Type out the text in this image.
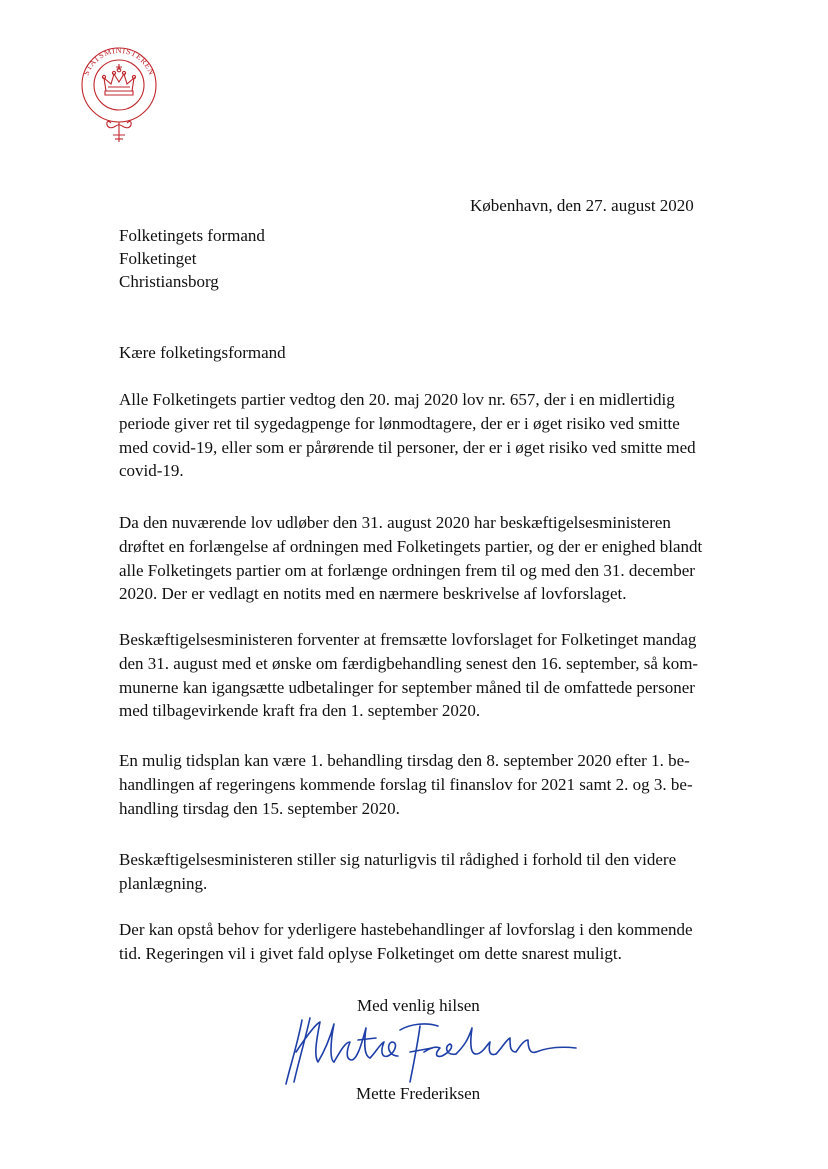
STATSMINISTEREN
København, den 27. august 2020
Folketingets formand
Folketinget
Christiansborg
Kære folketingsformand
Alle Folketingets partier vedtog den 20. maj 2020 lov nr. 657, der i en midlertidig
periode giver ret til sygedagpenge for lønmodtagere, der er i øget risiko ved smitte
med covid-19, eller som er pårørende til personer, der er i øget risiko ved smitte med
covid-19.
Da den nuværende lov udløber den 31. august 2020 har beskæftigelsesministeren
drøftet en forlængelse af ordningen med Folketingets partier, og der er enighed blandt
alle Folketingets partier om at forlænge ordningen frem til og med den 31. december
2020. Der er vedlagt en notits med en nærmere beskrivelse af lovforslaget.
Beskæftigelsesministeren forventer at fremsætte lovforslaget for Folketinget mandag
den 31. august med et ønske om færdigbehandling senest den 16. september, så kom-
munerne kan igangsætte udbetalinger for september måned til de omfattede personer
med tilbagevirkende kraft fra den 1. september 2020.
En mulig tidsplan kan være 1. behandling tirsdag den 8. september 2020 efter 1. be-
handlingen af regeringens kommende forslag til finanslov for 2021 samt 2. og 3. be-
handling tirsdag den 15. september 2020.
Beskæftigelsesministeren stiller sig naturligvis til rådighed i forhold til den videre
planlægning.
Der kan opstå behov for yderligere hastebehandlinger af lovforslag i den kommende
tid. Regeringen vil i givet fald oplyse Folketinget om dette snarest muligt.
Med venlig hilsen
Mette Frederiksen
